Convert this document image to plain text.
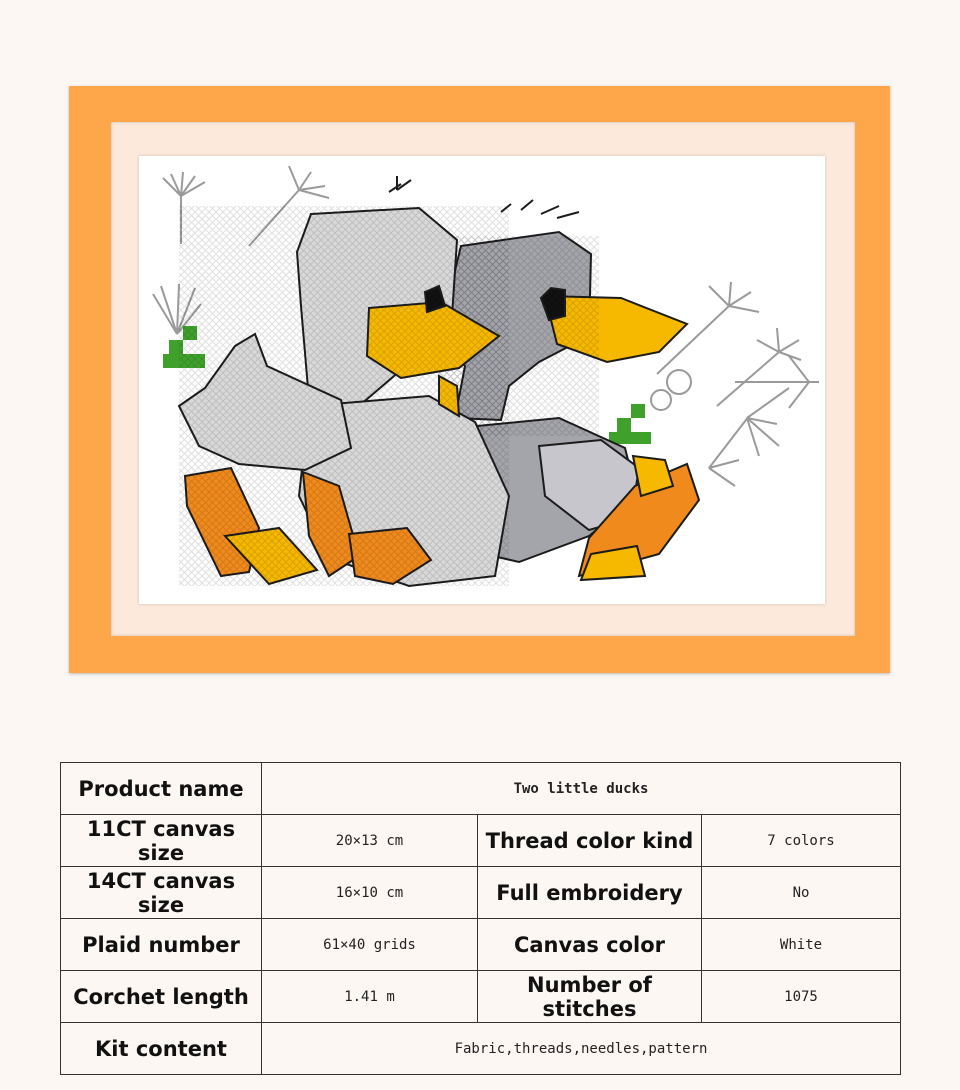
Product name	Two little ducks		
11CT canvas size	20×13 cm	Thread color kind	7 colors
14CT canvas size	16×10 cm	Full embroidery	No
Plaid number	61×40 grids	Canvas color	White
Corchet length	1.41 m	Number of stitches	1075
Kit content	Fabric,threads,needles,pattern		
